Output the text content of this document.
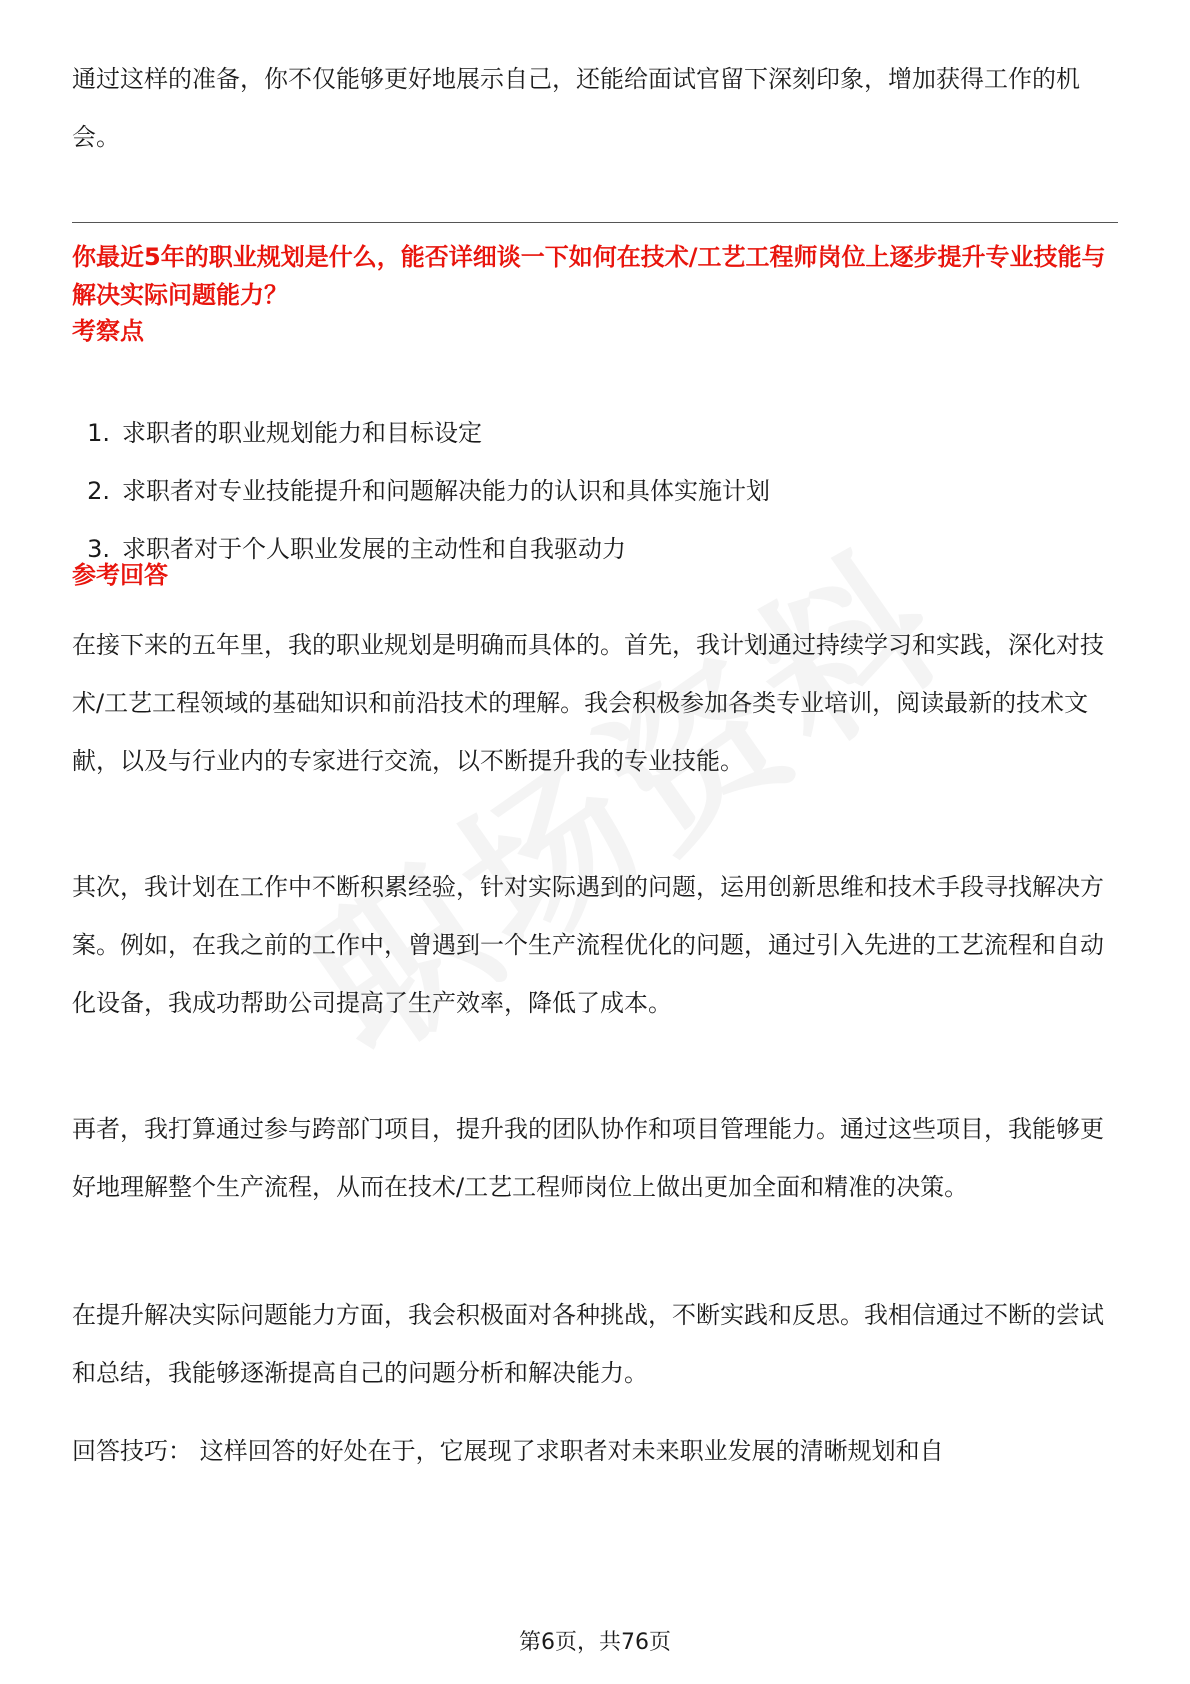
通过这样的准备，你不仅能够更好地展示自己，还能给面试官留下深刻印象，增加获得工作的机会。

你最近5年的职业规划是什么，能否详细谈一下如何在技术/工艺工程师岗位上逐步提升专业技能与解决实际问题能力？
考察点
1. 求职者的职业规划能力和目标设定
2. 求职者对专业技能提升和问题解决能力的认识和具体实施计划
3. 求职者对于个人职业发展的主动性和自我驱动力
参考回答

在接下来的五年里，我的职业规划是明确而具体的。首先，我计划通过持续学习和实践，深化对技术/工艺工程领域的基础知识和前沿技术的理解。我会积极参加各类专业培训，阅读最新的技术文献，以及与行业内的专家进行交流，以不断提升我的专业技能。

其次，我计划在工作中不断积累经验，针对实际遇到的问题，运用创新思维和技术手段寻找解决方案。例如，在我之前的工作中，曾遇到一个生产流程优化的问题，通过引入先进的工艺流程和自动化设备，我成功帮助公司提高了生产效率，降低了成本。

再者，我打算通过参与跨部门项目，提升我的团队协作和项目管理能力。通过这些项目，我能够更好地理解整个生产流程，从而在技术/工艺工程师岗位上做出更加全面和精准的决策。

在提升解决实际问题能力方面，我会积极面对各种挑战，不断实践和反思。我相信通过不断的尝试和总结，我能够逐渐提高自己的问题分析和解决能力。

回答技巧： 这样回答的好处在于，它展现了求职者对未来职业发展的清晰规划和自

第6页，共76页
